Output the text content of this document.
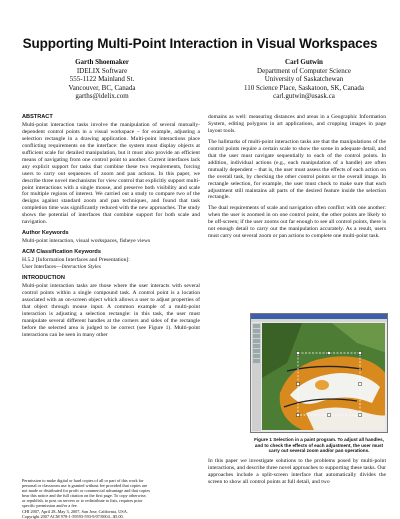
Supporting Multi-Point Interaction in Visual Workspaces
Garth Shoemaker
IDELIX Software
555-1122 Mainland St.
Vancouver, BC, Canada
garths@idelix.com
Carl Gutwin
Department of Computer Science
University of Saskatchewan
110 Science Place, Saskatoon, SK, Canada
carl.gutwin@usask.ca
ABSTRACT
Multi-point interaction tasks involve the manipulation of several mutually-dependent control points in a visual workspace – for example, adjusting a selection rectangle in a drawing application. Multi-point interactions place conflicting requirements on the interface: the system must display objects at sufficient scale for detailed manipulation, but it must also provide an efficient means of navigating from one control point to another. Current interfaces lack any explicit support for tasks that combine these two requirements, forcing users to carry out sequences of zoom and pan actions. In this paper, we describe three novel mechanisms for view control that explicitly support multi-point interactions with a single mouse, and preserve both visibility and scale for multiple regions of interest. We carried out a study to compare two of the designs against standard zoom and pan techniques, and found that task completion time was significantly reduced with the new approaches. The study shows the potential of interfaces that combine support for both scale and navigation.
Author Keywords
Multi-point interaction, visual workspaces, fisheye views
ACM Classification Keywords
H.5.2 [Information Interfaces and Presentation]:
User Interfaces—Interaction Styles
INTRODUCTION
Multi-point interaction tasks are those where the user interacts with several control points within a single compound task. A control point is a location associated with an on-screen object which allows a user to adjust properties of that object through mouse input. A common example of a multi-point interaction is adjusting a selection rectangle: in this task, the user must manipulate several different handles at the corners and sides of the rectangle before the selected area is judged to be correct (see Figure 1). Multi-point interactions can be seen in many other
Permission to make digital or hard copies of all or part of this work for
personal or classroom use is granted without fee provided that copies are
not made or distributed for profit or commercial advantage and that copies
bear this notice and the full citation on the first page. To copy otherwise,
or republish, to post on servers or to redistribute to lists, requires prior
specific permission and/or a fee.
CHI 2007, April 28–May 3, 2007, San Jose, California, USA.
Copyright 2007 ACM 978-1-59593-593-9/07/0004...$5.00.
domains as well: measuring distances and areas in a Geographic Information System, editing polygons in art applications, and cropping images in page layout tools.
The hallmarks of multi-point interaction tasks are that the manipulations of the control points require a certain scale to show the scene in adequate detail, and that the user must navigate sequentially to each of the control points. In addition, individual actions (e.g., each manipulation of a handle) are often mutually dependent – that is, the user must assess the effects of each action on the overall task, by checking the other control points or the overall image. In rectangle selection, for example, the user must check to make sure that each adjustment still maintains all parts of the desired feature inside the selection rectangle.
The dual requirements of scale and navigation often conflict with one another: when the user is zoomed in on one control point, the other points are likely to be off-screen; if the user zooms out far enough to see all control points, there is not enough detail to carry out the manipulation accurately. As a result, users must carry out several zoom or pan actions to complete one multi-point task.
Figure 1 Selection in a paint program. To adjust all handles, and to check the effects of each adjustment, the user must carry out several zoom and/or pan operations.
In this paper we investigate solutions to the problems posed by multi-point interactions, and describe three novel approaches to supporting these tasks. Our approaches include a split-screen interface that automatically divides the screen to show all control points at full detail, and two
